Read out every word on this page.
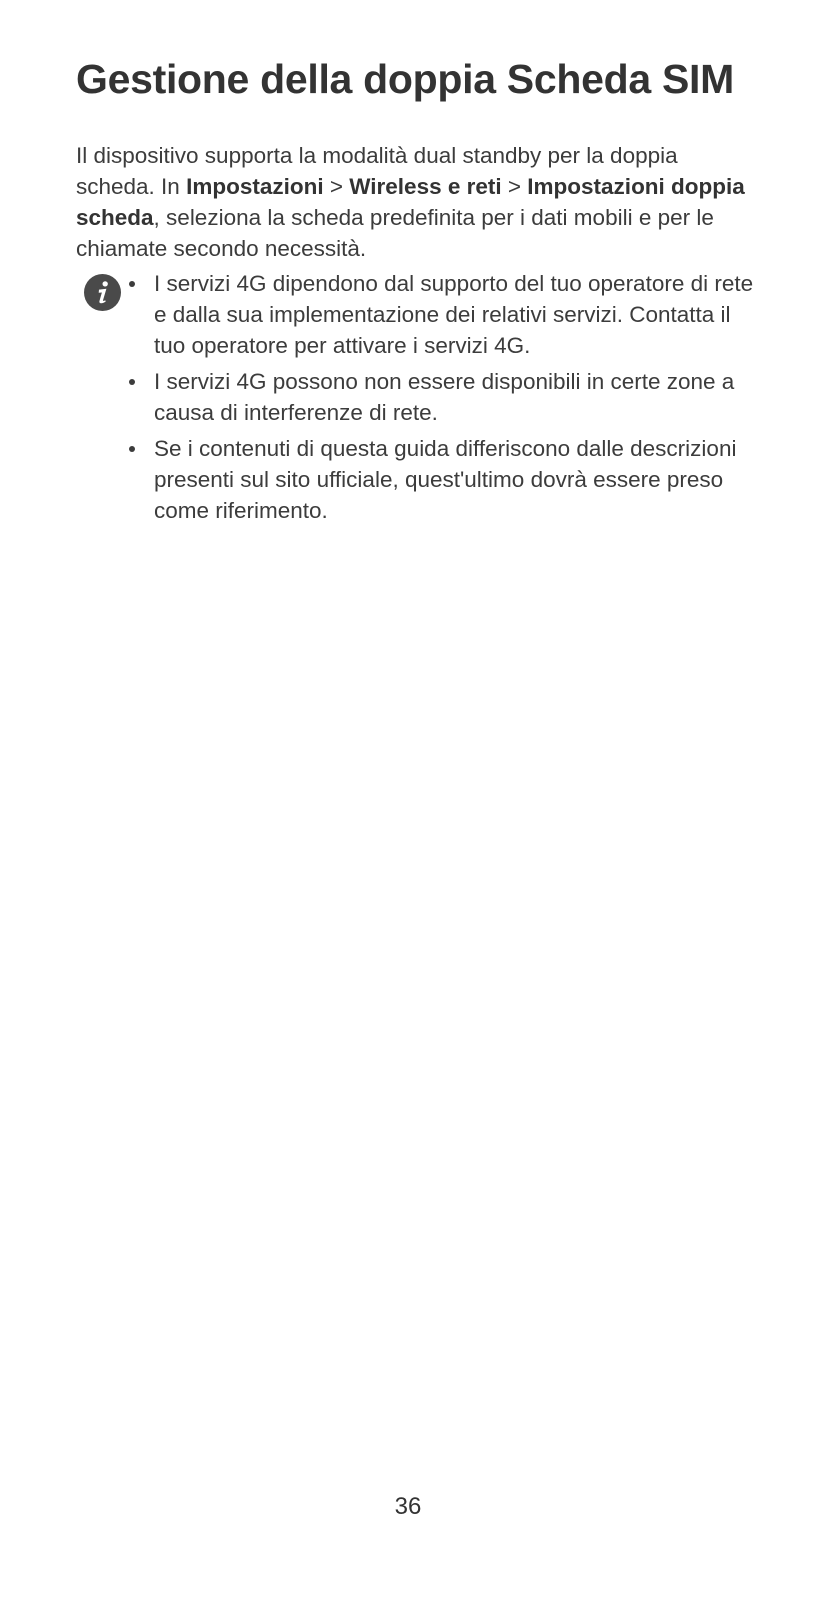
Gestione della doppia Scheda SIM

Il dispositivo supporta la modalità dual standby per la doppia scheda. In Impostazioni > Wireless e reti > Impostazioni doppia scheda, seleziona la scheda predefinita per i dati mobili e per le chiamate secondo necessità.

I servizi 4G dipendono dal supporto del tuo operatore di rete e dalla sua implementazione dei relativi servizi. Contatta il tuo operatore per attivare i servizi 4G.
I servizi 4G possono non essere disponibili in certe zone a causa di interferenze di rete.
Se i contenuti di questa guida differiscono dalle descrizioni presenti sul sito ufficiale, quest'ultimo dovrà essere preso come riferimento.
36
